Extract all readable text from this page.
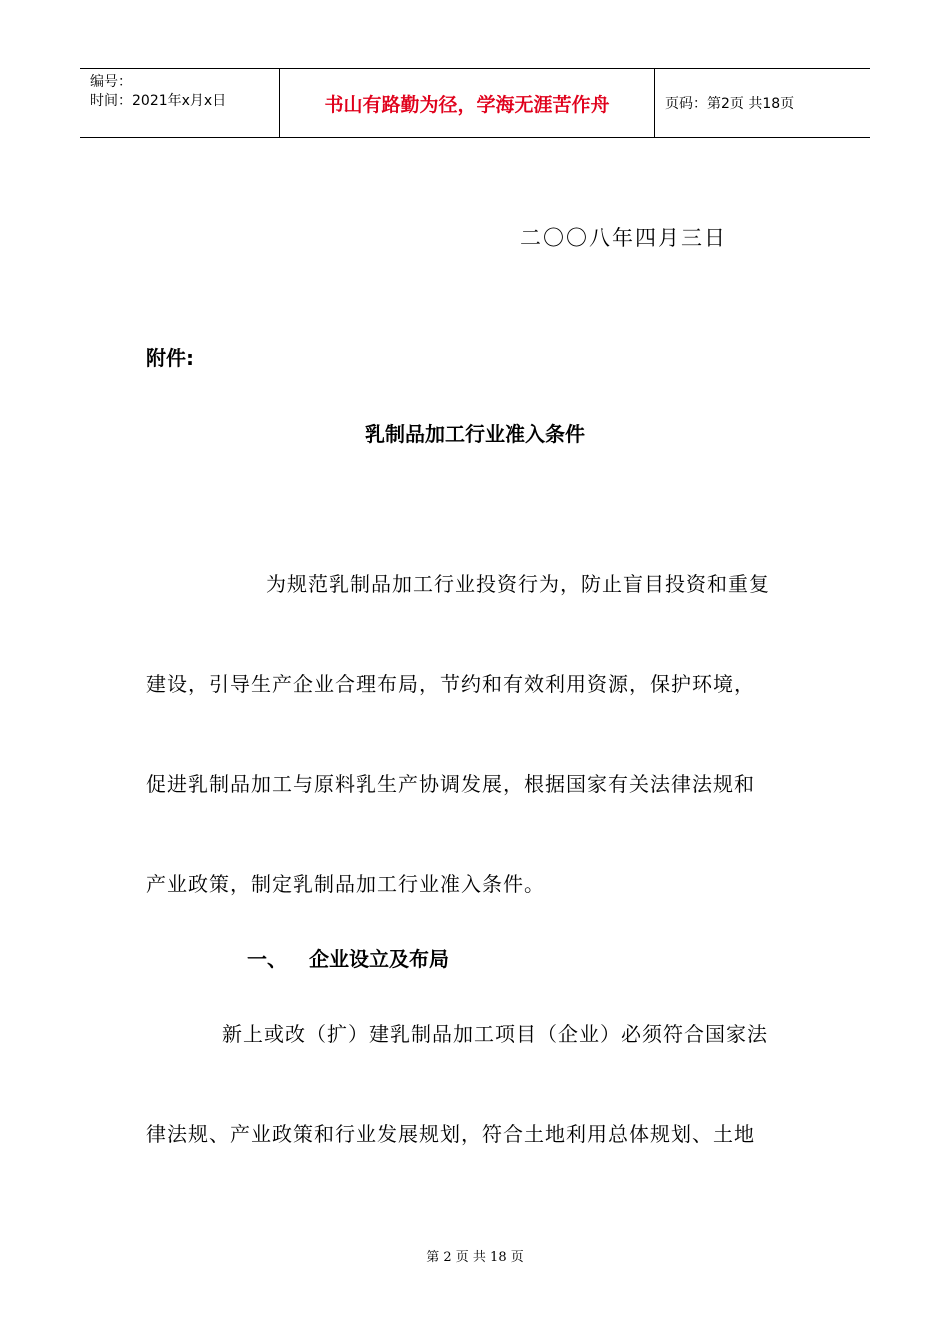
编号：
时间：2021年x月x日	书山有路勤为径，学海无涯苦作舟	页码：第2页 共18页
二〇〇八年四月三日
附件:
乳制品加工行业准入条件
为规范乳制品加工行业投资行为，防止盲目投资和重复
建设，引导生产企业合理布局，节约和有效利用资源，保护环境，
促进乳制品加工与原料乳生产协调发展，根据国家有关法律法规和
产业政策，制定乳制品加工行业准入条件。
一、 企业设立及布局
新上或改（扩）建乳制品加工项目（企业）必须符合国家法
律法规、产业政策和行业发展规划，符合土地利用总体规划、土地
第 2 页 共 18 页
